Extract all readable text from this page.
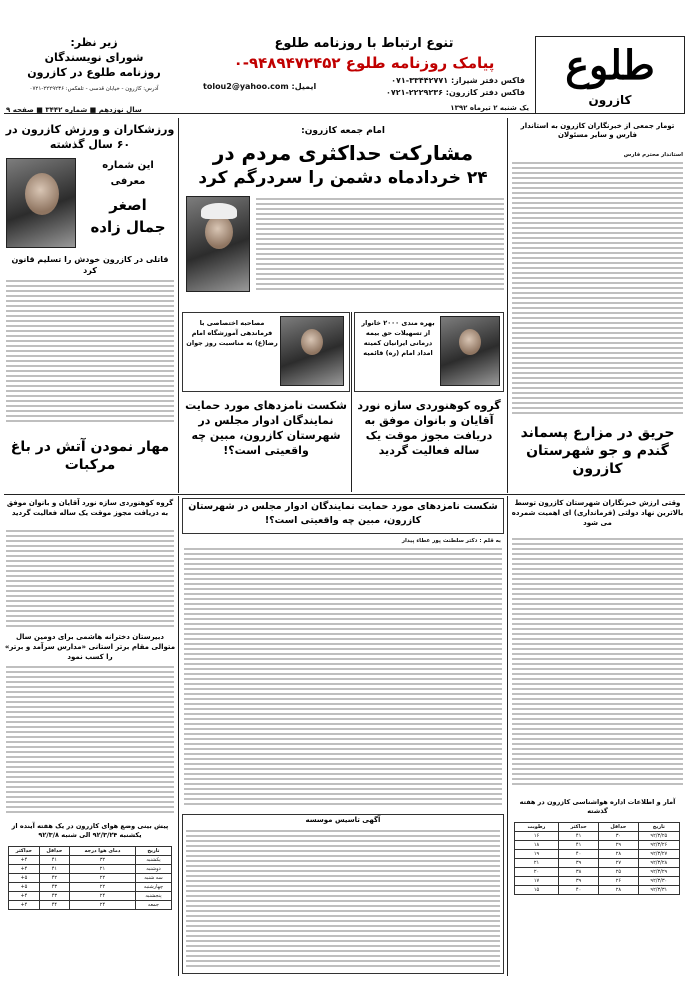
طلوع
کازرون
تنوع ارتباط با روزنامه طلوع
پیامک روزنامه طلوع ۹۴۸۹۴۷۲۴۵۲-۰
فاکس دفتر شیراز: ۳۳۴۴۲۷۷۱-۰۷۱
فاکس دفتر کازرون: ۲۲۲۹۲۳۶-۰۷۲۱
ایمیل: tolou2@yahoo.com
زیر نظر:
شورای نویسندگان
روزنامه طلوع در کازرون
آدرس: کازرون - خیابان قدسی - تلفکس: ۲۲۲۹۲۳۶-۰۷۲۱
یک شنبه ۲ تیرماه ۱۳۹۲
سال نوزدهم ■ شماره ۳۴۴۲ ■ صفحه ۹
تومار جمعی از خبرنگاران کازرون به استاندار فارس و سایر مسئولان
استاندار محترم فارس
حریق در مزارع پسماند گندم و جو شهرستان کازرون
امام جمعه کازرون:
مشارکت حداکثری مردم در
۲۴ خردادماه دشمن را سردرگم کرد
بهره مندی ۲۰۰۰ خانوار از تسهیلات حق بیمه درمانی ایرانیان کمیته امداد امام (ره) قائمیه
مصاحبه اختصاصی با فرماندهی آموزشگاه امام رضا(ع) به مناسبت روز جوان
گروه کوهنوردی سازه نورد آقایان و بانوان موفق به دریافت مجوز موقت یک ساله فعالیت گردید
شکست نامزدهای مورد حمایت نمایندگان ادوار مجلس در شهرستان کازرون، مبین چه واقعیتی است؟!
ورزشکاران و ورزش کازرون در ۶۰ سال گذشته
این شماره
معرفی
اصغر
جمال زاده
قاتلی در کازرون خودش را تسلیم قانون کرد
مهار نمودن آتش در باغ مرکبات
شکست نامزدهای مورد حمایت نمایندگان ادوار مجلس در شهرستان کازرون، مبین چه واقعیتی است؟!
به قلم : دکتر سلطنت پور عطاء پیدار
آگهی تاسیس موسسه
گروه کوهنوردی سازه نورد آقایان و بانوان موفق به دریافت مجوز موقت یک ساله فعالیت گردید
دبیرستان دخترانه هاشمی برای دومین سال متوالی مقام برتر استانی «مدارس سرآمد و برتر» را کسب نمود
پیش بینی وضع هوای کازرون در یک هفته آینده از یکشنبه ۹۲/۳/۲۴ الی شنبه ۹۲/۳/۸
تاریخ	دمای هوا درجه	حداقل	حداکثر
یکشنبه	۳۲	۴۱	۴+
دوشنبه	۲۱	۴۱	۴+
سه شنبه	۲۲	۴۲	۵+
چهارشنبه	۲۲	۴۳	۵+
پنجشنبه	۲۴	۴۳	۴+
جمعه	۲۴	۴۴	۴+
وقتی ارزش خبرنگاران شهرستان کازرون توسط بالاترین نهاد دولتی (فرمانداری) ای اهمیت شمرده می شود
آمار و اطلاعات اداره هواشناسی کازرون در هفته گذشته
تاریخ	حداقل	حداکثر	رطوبت
۹۲/۳/۲۵	۳۰	۴۱	۱۶
۹۲/۳/۲۶	۲۹	۴۱	۱۸
۹۲/۳/۲۷	۲۸	۴۰	۱۹
۹۲/۳/۲۸	۲۷	۳۹	۲۱
۹۲/۳/۲۹	۲۵	۳۸	۲۰
۹۲/۳/۳۰	۲۶	۳۹	۱۷
۹۲/۳/۳۱	۲۸	۴۰	۱۵
